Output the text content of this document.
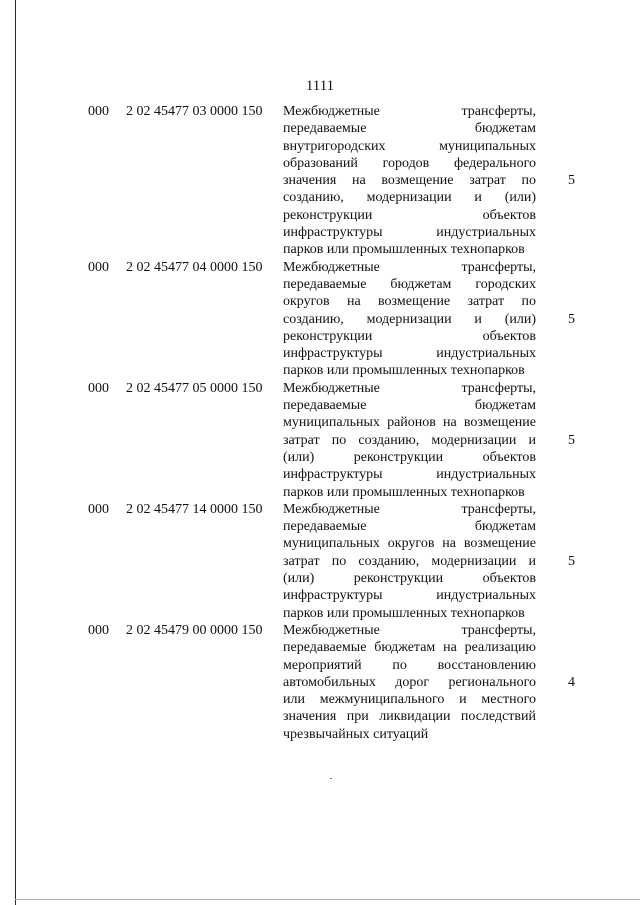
1111
000 2 02 45477 03 0000 150 Межбюджетные трансферты,
передаваемые бюджетам
внутригородских муниципальных
образований городов федерального
значения на возмещение затрат по
созданию, модернизации и (или)
реконструкции объектов
инфраструктуры индустриальных
парков или промышленных технопарков
5
000 2 02 45477 04 0000 150 Межбюджетные трансферты,
передаваемые бюджетам городских
округов на возмещение затрат по
созданию, модернизации и (или)
реконструкции объектов
инфраструктуры индустриальных
парков или промышленных технопарков
5
000 2 02 45477 05 0000 150 Межбюджетные трансферты,
передаваемые бюджетам
муниципальных районов на возмещение
затрат по созданию, модернизации и
(или) реконструкции объектов
инфраструктуры индустриальных
парков или промышленных технопарков
5
000 2 02 45477 14 0000 150 Межбюджетные трансферты,
передаваемые бюджетам
муниципальных округов на возмещение
затрат по созданию, модернизации и
(или) реконструкции объектов
инфраструктуры индустриальных
парков или промышленных технопарков
5
000 2 02 45479 00 0000 150 Межбюджетные трансферты,
передаваемые бюджетам на реализацию
мероприятий по восстановлению
автомобильных дорог регионального
или межмуниципального и местного
значения при ликвидации последствий
чрезвычайных ситуаций
4
